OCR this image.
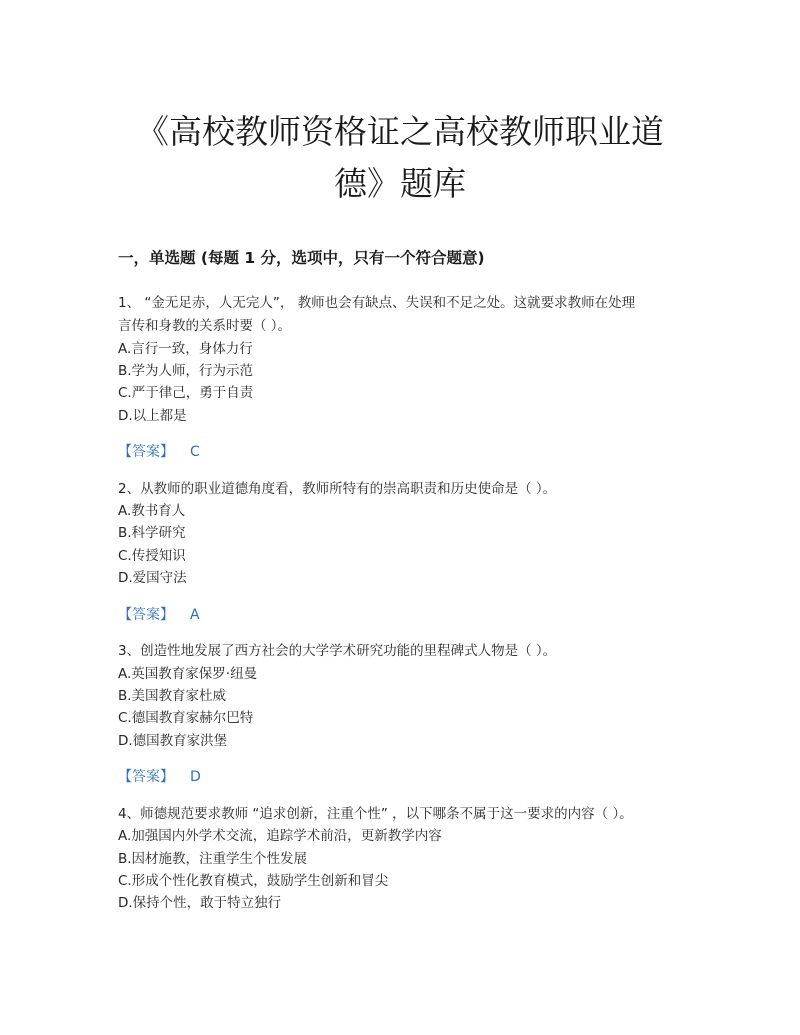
《高校教师资格证之高校教师职业道
德》题库
一，单选题 (每题 1 分，选项中，只有一个符合题意)
1、 “金无足赤，人无完人”， 教师也会有缺点、失误和不足之处。这就要求教师在处理
言传和身教的关系时要（ ）。
A.言行一致，身体力行
B.学为人师，行为示范
C.严于律己，勇于自责
D.以上都是
【答案】 C
2、从教师的职业道德角度看，教师所特有的崇高职责和历史使命是（ ）。
A.教书育人
B.科学研究
C.传授知识
D.爱国守法
【答案】 A
3、创造性地发展了西方社会的大学学术研究功能的里程碑式人物是（ ）。
A.英国教育家保罗·纽曼
B.美国教育家杜威
C.德国教育家赫尔巴特
D.德国教育家洪堡
【答案】 D
4、师德规范要求教师 “追求创新，注重个性” ，以下哪条不属于这一要求的内容（ ）。
A.加强国内外学术交流，追踪学术前沿，更新教学内容
B.因材施教，注重学生个性发展
C.形成个性化教育模式，鼓励学生创新和冒尖
D.保持个性，敢于特立独行
